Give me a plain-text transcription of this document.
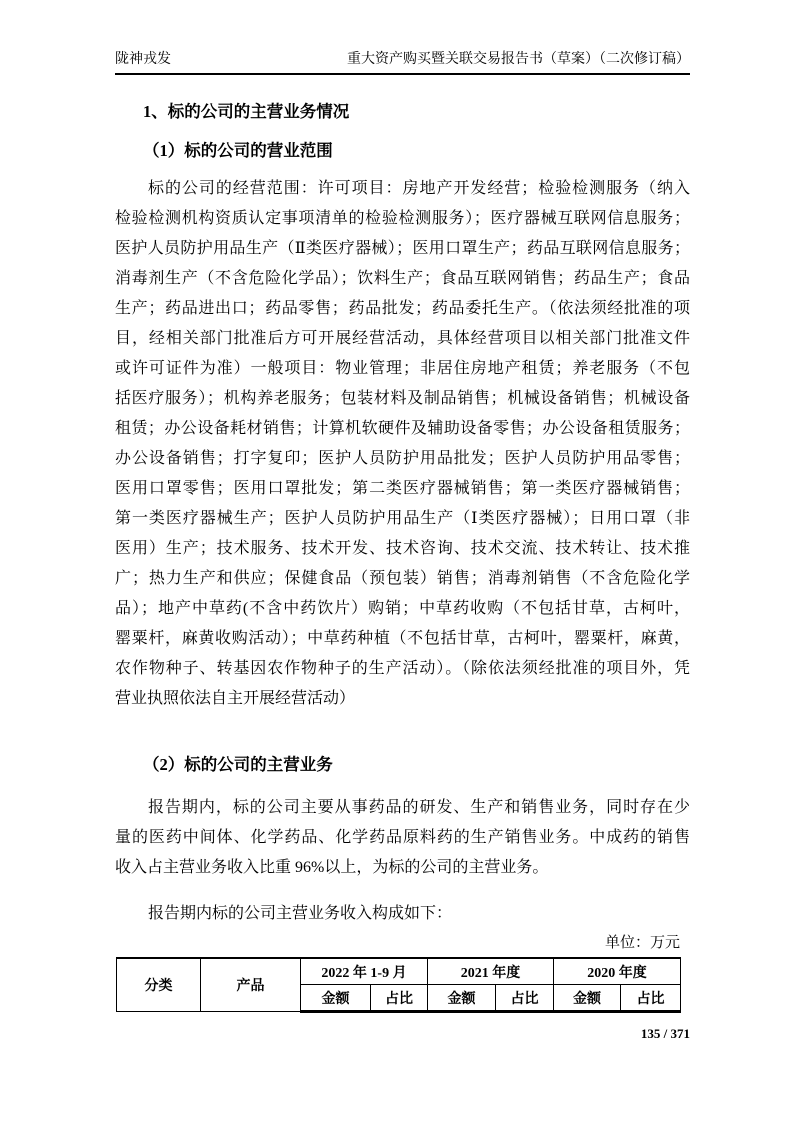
陇神戎发	重大资产购买暨关联交易报告书（草案）（二次修订稿）
1、标的公司的主营业务情况
（1）标的公司的营业范围
标的公司的经营范围：许可项目：房地产开发经营；检验检测服务（纳入
检验检测机构资质认定事项清单的检验检测服务）；医疗器械互联网信息服务；
医护人员防护用品生产（Ⅱ类医疗器械）；医用口罩生产；药品互联网信息服务；
消毒剂生产（不含危险化学品）；饮料生产；食品互联网销售；药品生产；食品
生产；药品进出口；药品零售；药品批发；药品委托生产。（依法须经批准的项
目，经相关部门批准后方可开展经营活动，具体经营项目以相关部门批准文件
或许可证件为准）一般项目：物业管理；非居住房地产租赁；养老服务（不包
括医疗服务）；机构养老服务；包装材料及制品销售；机械设备销售；机械设备
租赁；办公设备耗材销售；计算机软硬件及辅助设备零售；办公设备租赁服务；
办公设备销售；打字复印；医护人员防护用品批发；医护人员防护用品零售；
医用口罩零售；医用口罩批发；第二类医疗器械销售；第一类医疗器械销售；
第一类医疗器械生产；医护人员防护用品生产（Ⅰ类医疗器械）；日用口罩（非
医用）生产；技术服务、技术开发、技术咨询、技术交流、技术转让、技术推
广；热力生产和供应；保健食品（预包装）销售；消毒剂销售（不含危险化学
品）；地产中草药(不含中药饮片）购销；中草药收购（不包括甘草，古柯叶，
罂粟杆，麻黄收购活动）；中草药种植（不包括甘草，古柯叶，罂粟杆，麻黄，
农作物种子、转基因农作物种子的生产活动）。（除依法须经批准的项目外，凭
营业执照依法自主开展经营活动）
（2）标的公司的主营业务
报告期内，标的公司主要从事药品的研发、生产和销售业务，同时存在少
量的医药中间体、化学药品、化学药品原料药的生产销售业务。中成药的销售
收入占主营业务收入比重 96%以上，为标的公司的主营业务。
报告期内标的公司主营业务收入构成如下：
单位：万元
分类	产品	2022 年 1-9 月		2021 年度		2020 年度	
		金额	占比	金额	占比	金额	占比
135 / 371
